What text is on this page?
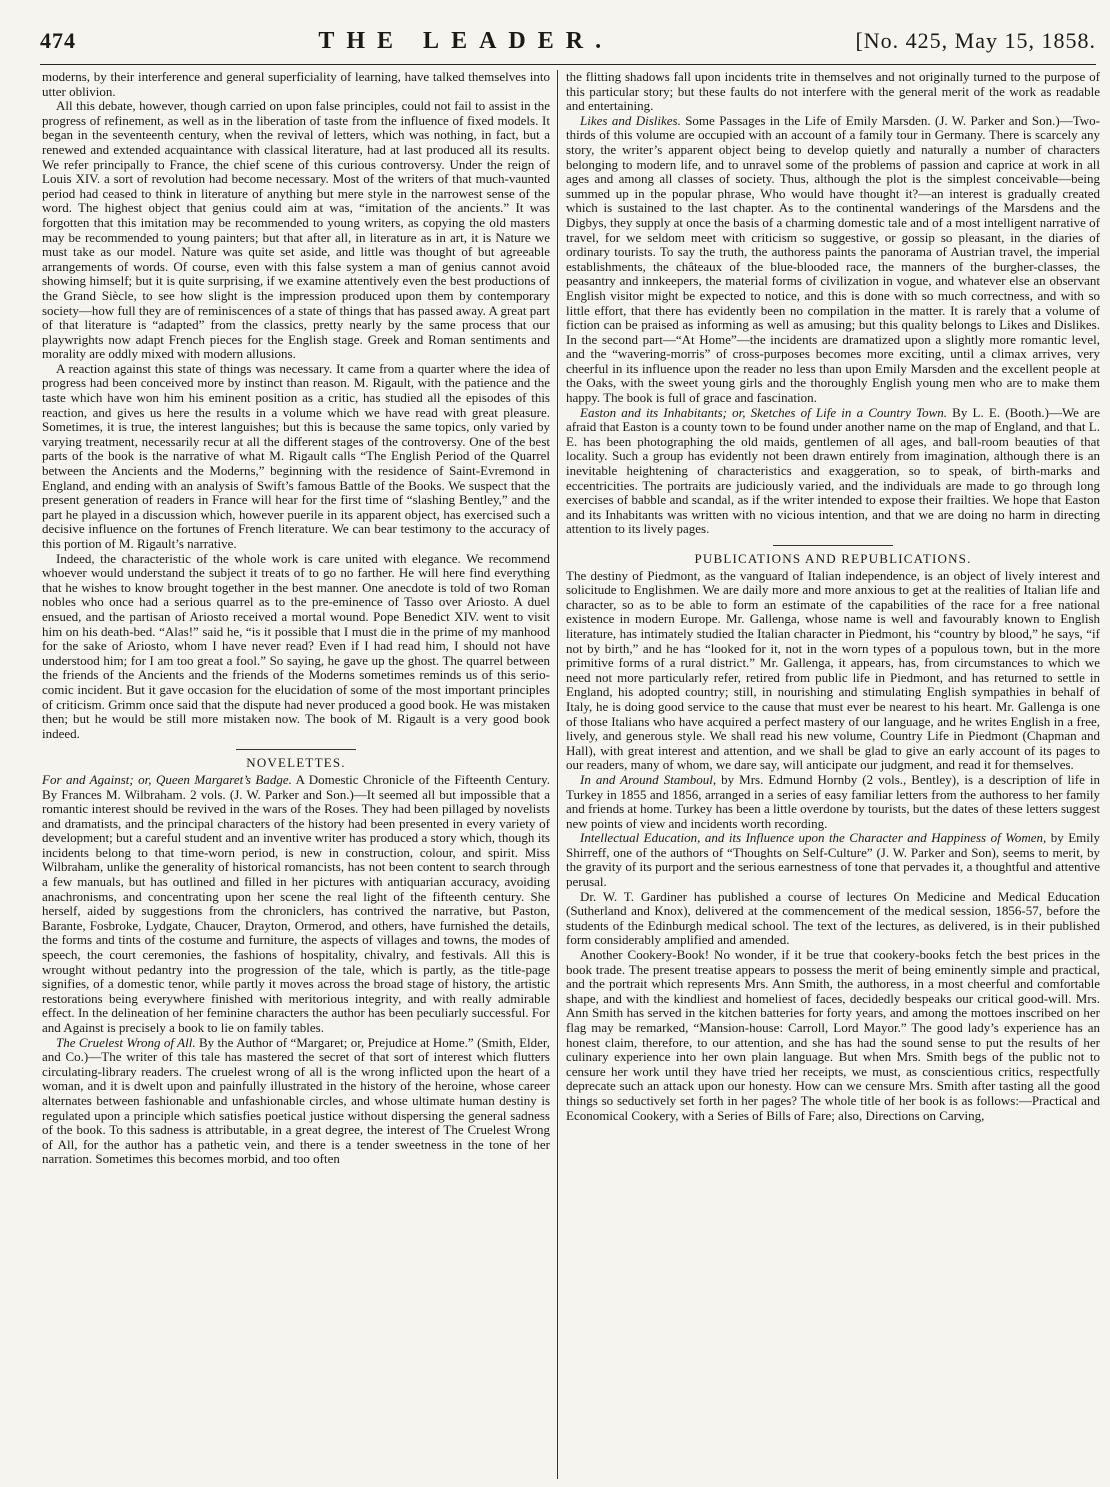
474	THE LEADER.	[No. 425, May 15, 1858.

moderns, by their interference and general superficiality of learning, have talked themselves into utter oblivion.

All this debate, however, though carried on upon false principles, could not fail to assist in the progress of refinement, as well as in the liberation of taste from the influence of fixed models. It began in the seventeenth century, when the revival of letters, which was nothing, in fact, but a renewed and extended acquaintance with classical literature, had at last produced all its results. We refer principally to France, the chief scene of this curious controversy. Under the reign of Louis XIV. a sort of revolution had become necessary. Most of the writers of that much-vaunted period had ceased to think in literature of anything but mere style in the narrowest sense of the word. The highest object that genius could aim at was, “imitation of the ancients.” It was forgotten that this imitation may be recommended to young writers, as copying the old masters may be recommended to young painters; but that after all, in literature as in art, it is Nature we must take as our model. Nature was quite set aside, and little was thought of but agreeable arrangements of words. Of course, even with this false system a man of genius cannot avoid showing himself; but it is quite surprising, if we examine attentively even the best productions of the Grand Siècle, to see how slight is the impression produced upon them by contemporary society—how full they are of reminiscences of a state of things that has passed away. A great part of that literature is “adapted” from the classics, pretty nearly by the same process that our playwrights now adapt French pieces for the English stage. Greek and Roman sentiments and morality are oddly mixed with modern allusions.

A reaction against this state of things was necessary. It came from a quarter where the idea of progress had been conceived more by instinct than reason. M. Rigault, with the patience and the taste which have won him his eminent position as a critic, has studied all the episodes of this reaction, and gives us here the results in a volume which we have read with great pleasure. Sometimes, it is true, the interest languishes; but this is because the same topics, only varied by varying treatment, necessarily recur at all the different stages of the controversy. One of the best parts of the book is the narrative of what M. Rigault calls “The English Period of the Quarrel between the Ancients and the Moderns,” beginning with the residence of Saint-Evremond in England, and ending with an analysis of Swift’s famous Battle of the Books. We suspect that the present generation of readers in France will hear for the first time of “slashing Bentley,” and the part he played in a discussion which, however puerile in its apparent object, has exercised such a decisive influence on the fortunes of French literature. We can bear testimony to the accuracy of this portion of M. Rigault’s narrative.

Indeed, the characteristic of the whole work is care united with elegance. We recommend whoever would understand the subject it treats of to go no farther. He will here find everything that he wishes to know brought together in the best manner. One anecdote is told of two Roman nobles who once had a serious quarrel as to the pre-eminence of Tasso over Ariosto. A duel ensued, and the partisan of Ariosto received a mortal wound. Pope Benedict XIV. went to visit him on his death-bed. “Alas!” said he, “is it possible that I must die in the prime of my manhood for the sake of Ariosto, whom I have never read? Even if I had read him, I should not have understood him; for I am too great a fool.” So saying, he gave up the ghost. The quarrel between the friends of the Ancients and the friends of the Moderns sometimes reminds us of this serio-comic incident. But it gave occasion for the elucidation of some of the most important principles of criticism. Grimm once said that the dispute had never produced a good book. He was mistaken then; but he would be still more mistaken now. The book of M. Rigault is a very good book indeed.

NOVELETTES.

For and Against; or, Queen Margaret’s Badge. A Domestic Chronicle of the Fifteenth Century. By Frances M. Wilbraham. 2 vols. (J. W. Parker and Son.)—It seemed all but impossible that a romantic interest should be revived in the wars of the Roses. They had been pillaged by novelists and dramatists, and the principal characters of the history had been presented in every variety of development; but a careful student and an inventive writer has produced a story which, though its incidents belong to that time-worn period, is new in construction, colour, and spirit. Miss Wilbraham, unlike the generality of historical romancists, has not been content to search through a few manuals, but has outlined and filled in her pictures with antiquarian accuracy, avoiding anachronisms, and concentrating upon her scene the real light of the fifteenth century. She herself, aided by suggestions from the chroniclers, has contrived the narrative, but Paston, Barante, Fosbroke, Lydgate, Chaucer, Drayton, Ormerod, and others, have furnished the details, the forms and tints of the costume and furniture, the aspects of villages and towns, the modes of speech, the court ceremonies, the fashions of hospitality, chivalry, and festivals. All this is wrought without pedantry into the progression of the tale, which is partly, as the title-page signifies, of a domestic tenor, while partly it moves across the broad stage of history, the artistic restorations being everywhere finished with meritorious integrity, and with really admirable effect. In the delineation of her feminine characters the author has been peculiarly successful. For and Against is precisely a book to lie on family tables.

The Cruelest Wrong of All. By the Author of “Margaret; or, Prejudice at Home.” (Smith, Elder, and Co.)—The writer of this tale has mastered the secret of that sort of interest which flutters circulating-library readers. The cruelest wrong of all is the wrong inflicted upon the heart of a woman, and it is dwelt upon and painfully illustrated in the history of the heroine, whose career alternates between fashionable and unfashionable circles, and whose ultimate human destiny is regulated upon a principle which satisfies poetical justice without dispersing the general sadness of the book. To this sadness is attributable, in a great degree, the interest of The Cruelest Wrong of All, for the author has a pathetic vein, and there is a tender sweetness in the tone of her narration. Sometimes this becomes morbid, and too often

the flitting shadows fall upon incidents trite in themselves and not originally turned to the purpose of this particular story; but these faults do not interfere with the general merit of the work as readable and entertaining.

Likes and Dislikes. Some Passages in the Life of Emily Marsden. (J. W. Parker and Son.)—Two-thirds of this volume are occupied with an account of a family tour in Germany. There is scarcely any story, the writer’s apparent object being to develop quietly and naturally a number of characters belonging to modern life, and to unravel some of the problems of passion and caprice at work in all ages and among all classes of society. Thus, although the plot is the simplest conceivable—being summed up in the popular phrase, Who would have thought it?—an interest is gradually created which is sustained to the last chapter. As to the continental wanderings of the Marsdens and the Digbys, they supply at once the basis of a charming domestic tale and of a most intelligent narrative of travel, for we seldom meet with criticism so suggestive, or gossip so pleasant, in the diaries of ordinary tourists. To say the truth, the authoress paints the panorama of Austrian travel, the imperial establishments, the châteaux of the blue-blooded race, the manners of the burgher-classes, the peasantry and innkeepers, the material forms of civilization in vogue, and whatever else an observant English visitor might be expected to notice, and this is done with so much correctness, and with so little effort, that there has evidently been no compilation in the matter. It is rarely that a volume of fiction can be praised as informing as well as amusing; but this quality belongs to Likes and Dislikes. In the second part—“At Home”—the incidents are dramatized upon a slightly more romantic level, and the “wavering-morris” of cross-purposes becomes more exciting, until a climax arrives, very cheerful in its influence upon the reader no less than upon Emily Marsden and the excellent people at the Oaks, with the sweet young girls and the thoroughly English young men who are to make them happy. The book is full of grace and fascination.

Easton and its Inhabitants; or, Sketches of Life in a Country Town. By L. E. (Booth.)—We are afraid that Easton is a county town to be found under another name on the map of England, and that L. E. has been photographing the old maids, gentlemen of all ages, and ball-room beauties of that locality. Such a group has evidently not been drawn entirely from imagination, although there is an inevitable heightening of characteristics and exaggeration, so to speak, of birth-marks and eccentricities. The portraits are judiciously varied, and the individuals are made to go through long exercises of babble and scandal, as if the writer intended to expose their frailties. We hope that Easton and its Inhabitants was written with no vicious intention, and that we are doing no harm in directing attention to its lively pages.

PUBLICATIONS AND REPUBLICATIONS.

The destiny of Piedmont, as the vanguard of Italian independence, is an object of lively interest and solicitude to Englishmen. We are daily more and more anxious to get at the realities of Italian life and character, so as to be able to form an estimate of the capabilities of the race for a free national existence in modern Europe. Mr. Gallenga, whose name is well and favourably known to English literature, has intimately studied the Italian character in Piedmont, his “country by blood,” he says, “if not by birth,” and he has “looked for it, not in the worn types of a populous town, but in the more primitive forms of a rural district.” Mr. Gallenga, it appears, has, from circumstances to which we need not more particularly refer, retired from public life in Piedmont, and has returned to settle in England, his adopted country; still, in nourishing and stimulating English sympathies in behalf of Italy, he is doing good service to the cause that must ever be nearest to his heart. Mr. Gallenga is one of those Italians who have acquired a perfect mastery of our language, and he writes English in a free, lively, and generous style. We shall read his new volume, Country Life in Piedmont (Chapman and Hall), with great interest and attention, and we shall be glad to give an early account of its pages to our readers, many of whom, we dare say, will anticipate our judgment, and read it for themselves.

In and Around Stamboul, by Mrs. Edmund Hornby (2 vols., Bentley), is a description of life in Turkey in 1855 and 1856, arranged in a series of easy familiar letters from the authoress to her family and friends at home. Turkey has been a little overdone by tourists, but the dates of these letters suggest new points of view and incidents worth recording.

Intellectual Education, and its Influence upon the Character and Happiness of Women, by Emily Shirreff, one of the authors of “Thoughts on Self-Culture” (J. W. Parker and Son), seems to merit, by the gravity of its purport and the serious earnestness of tone that pervades it, a thoughtful and attentive perusal.

Dr. W. T. Gardiner has published a course of lectures On Medicine and Medical Education (Sutherland and Knox), delivered at the commencement of the medical session, 1856-57, before the students of the Edinburgh medical school. The text of the lectures, as delivered, is in their published form considerably amplified and amended.

Another Cookery-Book! No wonder, if it be true that cookery-books fetch the best prices in the book trade. The present treatise appears to possess the merit of being eminently simple and practical, and the portrait which represents Mrs. Ann Smith, the authoress, in a most cheerful and comfortable shape, and with the kindliest and homeliest of faces, decidedly bespeaks our critical good-will. Mrs. Ann Smith has served in the kitchen batteries for forty years, and among the mottoes inscribed on her flag may be remarked, “Mansion-house: Carroll, Lord Mayor.” The good lady’s experience has an honest claim, therefore, to our attention, and she has had the sound sense to put the results of her culinary experience into her own plain language. But when Mrs. Smith begs of the public not to censure her work until they have tried her receipts, we must, as conscientious critics, respectfully deprecate such an attack upon our honesty. How can we censure Mrs. Smith after tasting all the good things so seductively set forth in her pages? The whole title of her book is as follows:—Practical and Economical Cookery, with a Series of Bills of Fare; also, Directions on Carving,
